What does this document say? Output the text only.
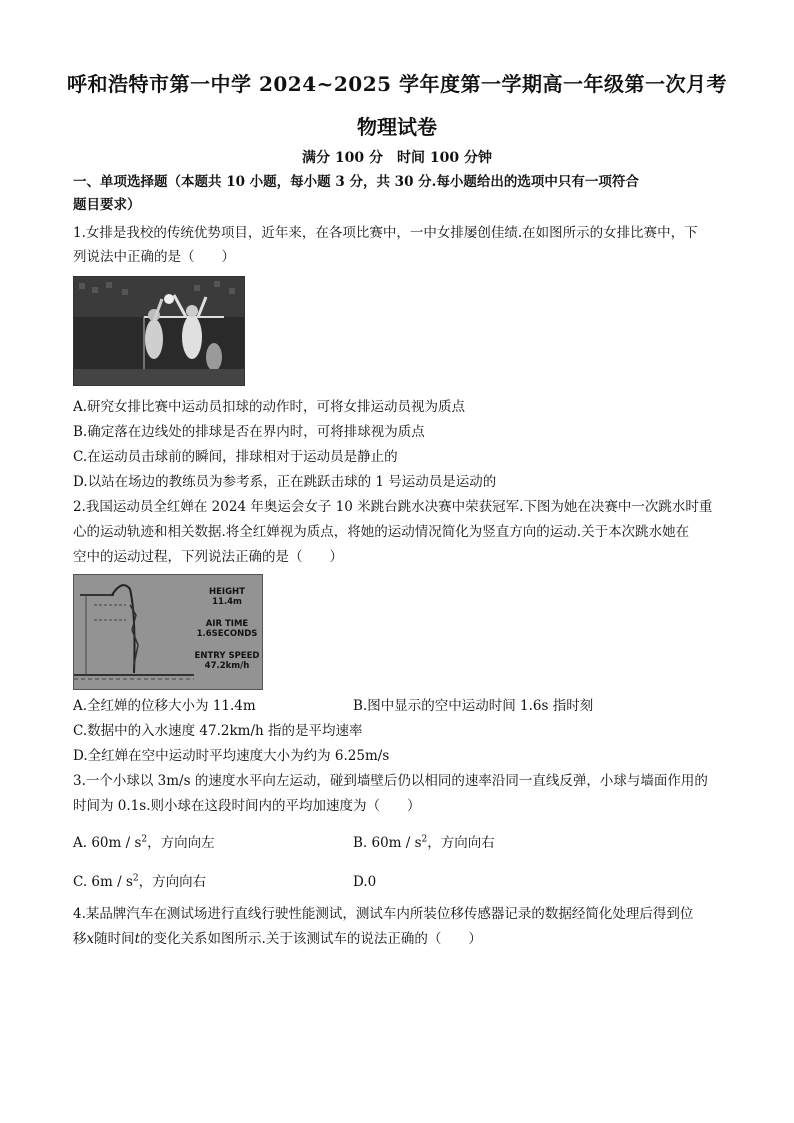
呼和浩特市第一中学 2024~2025 学年度第一学期高一年级第一次月考
物理试卷
满分 100 分　时间 100 分钟
一、单项选择题（本题共 10 小题，每小题 3 分，共 30 分.每小题给出的选项中只有一项符合
题目要求）
1.女排是我校的传统优势项目，近年来，在各项比赛中，一中女排屡创佳绩.在如图所示的女排比赛中，下
列说法中正确的是（　　）
A.研究女排比赛中运动员扣球的动作时，可将女排运动员视为质点
B.确定落在边线处的排球是否在界内时，可将排球视为质点
C.在运动员击球前的瞬间，排球相对于运动员是静止的
D.以站在场边的教练员为参考系，正在跳跃击球的 1 号运动员是运动的
2.我国运动员全红婵在 2024 年奥运会女子 10 米跳台跳水决赛中荣获冠军.下图为她在决赛中一次跳水时重
心的运动轨迹和相关数据.将全红婵视为质点，将她的运动情况简化为竖直方向的运动.关于本次跳水她在
空中的运动过程，下列说法正确的是（　　）
HEIGHT
11.4m
AIR TIME
1.6SECONDS
ENTRY SPEED
47.2km/h
A.全红婵的位移大小为 11.4m	B.图中显示的空中运动时间 1.6s 指时刻
C.数据中的入水速度 47.2km/h 指的是平均速率
D.全红婵在空中运动时平均速度大小为约为 6.25m/s
3.一个小球以 3m/s 的速度水平向左运动，碰到墙壁后仍以相同的速率沿同一直线反弹，小球与墙面作用的
时间为 0.1s.则小球在这段时间内的平均加速度为（　　）
A. $60m / s^2$，方向向左	B. $60m / s^2$，方向向右
C. $6m / s^2$，方向向右	D.0
4.某品牌汽车在测试场进行直线行驶性能测试，测试车内所装位移传感器记录的数据经简化处理后得到位
移x随时间t的变化关系如图所示.关于该测试车的说法正确的（　　）
